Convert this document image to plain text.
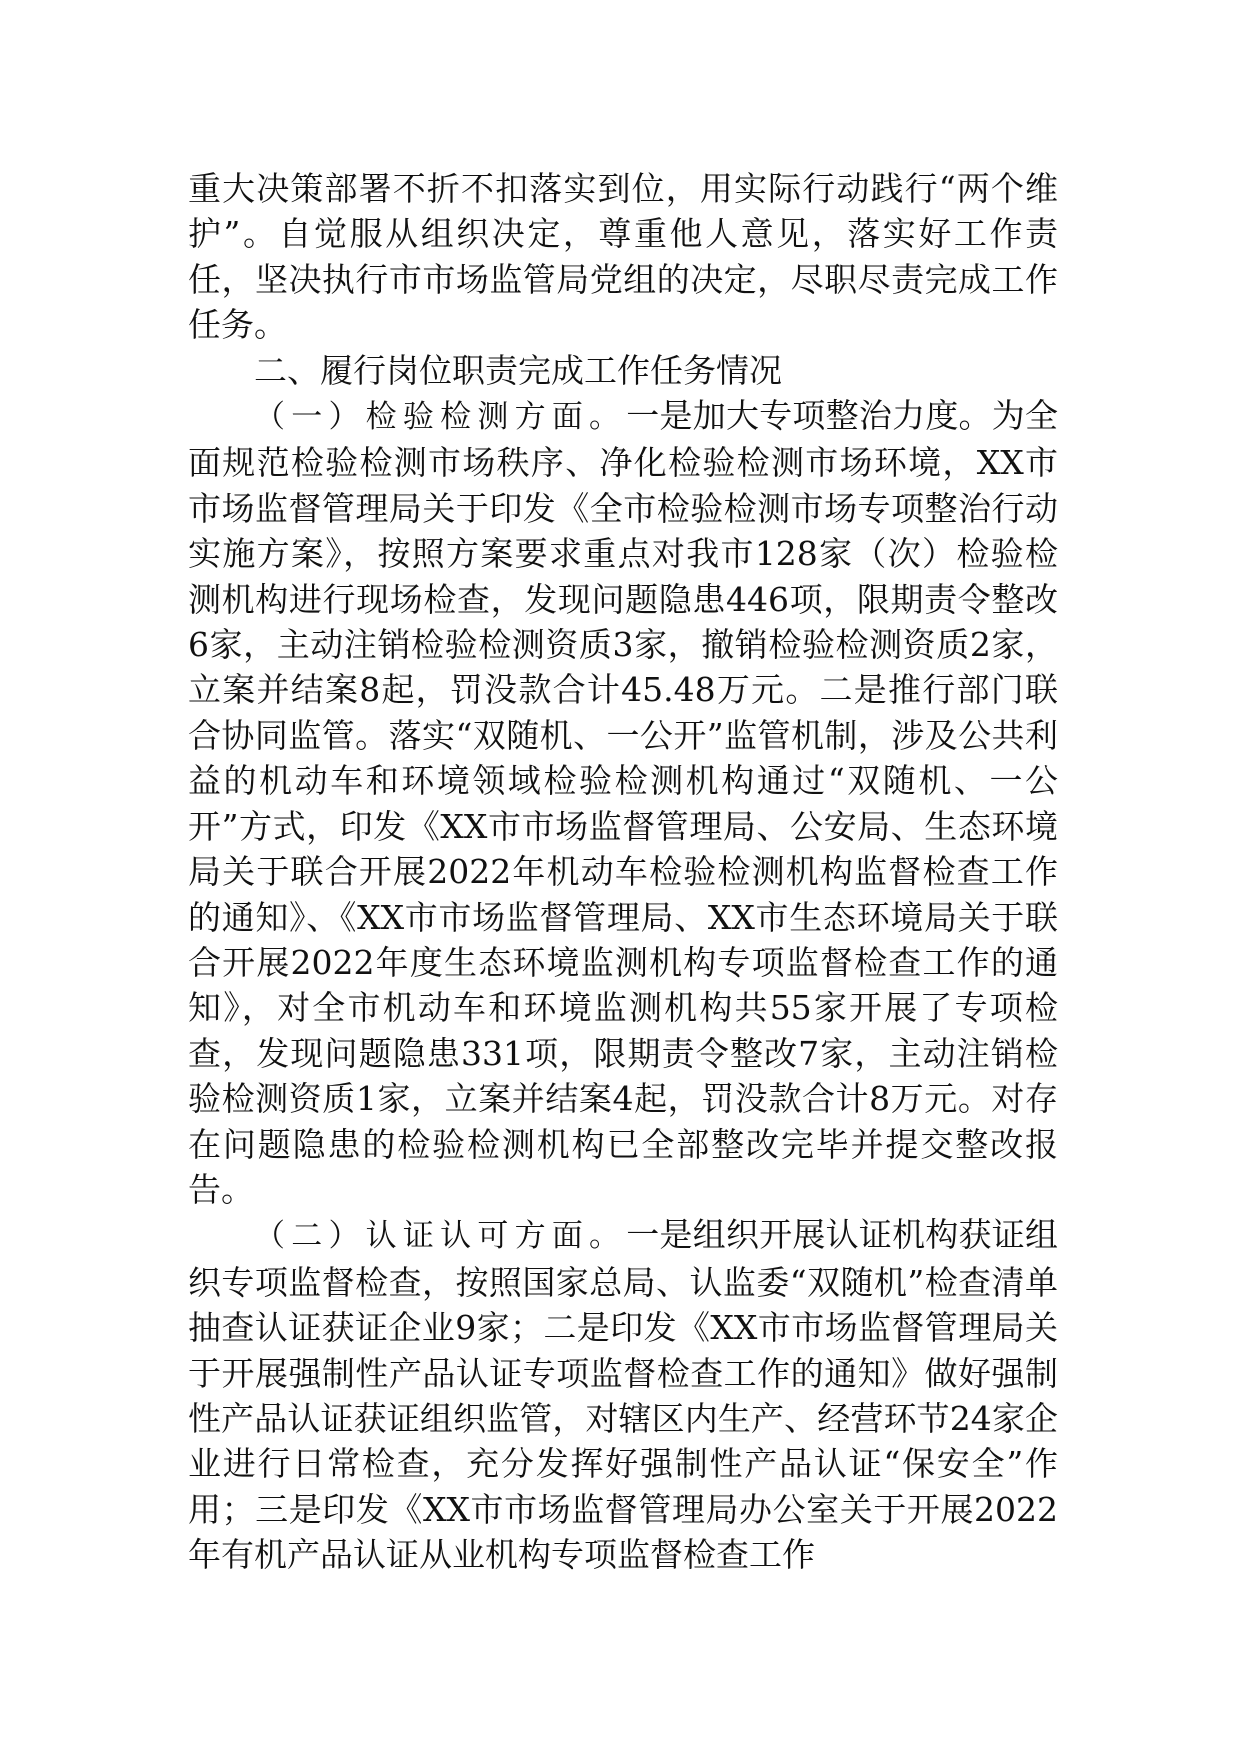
重大决策部署不折不扣落实到位，用实际行动践行“两个维护”。自觉服从组织决定，尊重他人意见，落实好工作责任，坚决执行市市场监管局党组的决定，尽职尽责完成工作任务。

二、履行岗位职责完成工作任务情况

（一）检验检测方面。一是加大专项整治力度。为全面规范检验检测市场秩序、净化检验检测市场环境，XX市市场监督管理局关于印发《全市检验检测市场专项整治行动实施方案》，按照方案要求重点对我市128家（次）检验检测机构进行现场检查，发现问题隐患446项，限期责令整改6家，主动注销检验检测资质3家，撤销检验检测资质2家，立案并结案8起，罚没款合计45.48万元。二是推行部门联合协同监管。落实“双随机、一公开”监管机制，涉及公共利益的机动车和环境领域检验检测机构通过“双随机、一公开”方式，印发《XX市市场监督管理局、公安局、生态环境局关于联合开展2022年机动车检验检测机构监督检查工作的通知》、《XX市市场监督管理局、XX市生态环境局关于联合开展2022年度生态环境监测机构专项监督检查工作的通知》，对全市机动车和环境监测机构共55家开展了专项检查，发现问题隐患331项，限期责令整改7家，主动注销检验检测资质1家，立案并结案4起，罚没款合计8万元。对存在问题隐患的检验检测机构已全部整改完毕并提交整改报告。

（二）认证认可方面。一是组织开展认证机构获证组织专项监督检查，按照国家总局、认监委“双随机”检查清单抽查认证获证企业9家；二是印发《XX市市场监督管理局关于开展强制性产品认证专项监督检查工作的通知》做好强制性产品认证获证组织监管，对辖区内生产、经营环节24家企业进行日常检查，充分发挥好强制性产品认证“保安全”作用；三是印发《XX市市场监督管理局办公室关于开展2022年有机产品认证从业机构专项监督检查工作
